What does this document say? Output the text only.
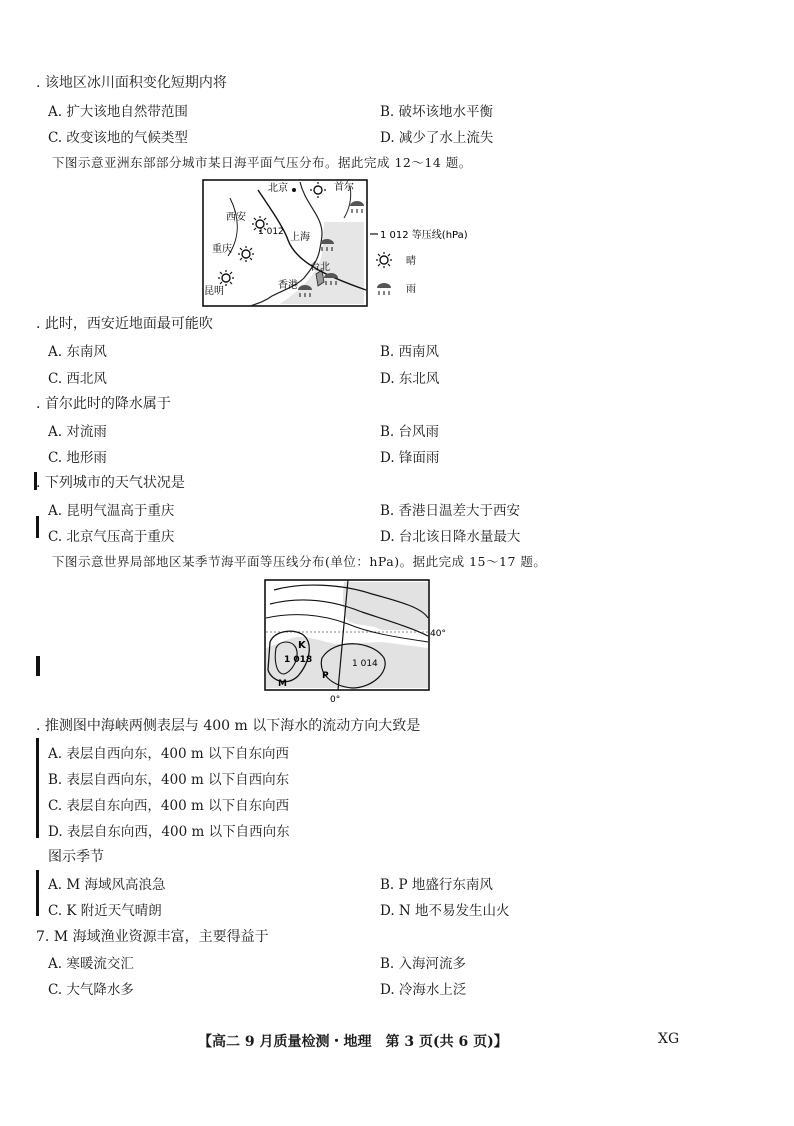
. 该地区冰川面积变化短期内将
A. 扩大该地自然带范围	B. 破坏该地水平衡
C. 改变该地的气候类型	D. 减少了水上流失
下图示意亚洲东部部分城市某日海平面气压分布。据此完成 12～14 题。
北京	首尔
西安
重庆
上海
台北
香港
昆明
1 012	1 012 等压线(hPa)
晴
雨
. 此时，西安近地面最可能吹
A. 东南风	B. 西南风
C. 西北风	D. 东北风
. 首尔此时的降水属于
A. 对流雨	B. 台风雨
C. 地形雨	D. 锋面雨
. 下列城市的天气状况是
A. 昆明气温高于重庆	B. 香港日温差大于西安
C. 北京气压高于重庆	D. 台北该日降水量最大
下图示意世界局部地区某季节海平面等压线分布(单位：hPa)。据此完成 15～17 题。
40°
0°
K
1 018	1 014
P
M
. 推测图中海峡两侧表层与 400 m 以下海水的流动方向大致是
A. 表层自西向东，400 m 以下自东向西
B. 表层自西向东，400 m 以下自西向东
C. 表层自东向西，400 m 以下自东向西
D. 表层自东向西，400 m 以下自西向东
图示季节
A. M 海域风高浪急	B. P 地盛行东南风
C. K 附近天气晴朗	D. N 地不易发生山火
7. M 海域渔业资源丰富，主要得益于
A. 寒暖流交汇	B. 入海河流多
C. 大气降水多	D. 冷海水上泛
【高二 9 月质量检测・地理　第 3 页(共 6 页)】	XG
